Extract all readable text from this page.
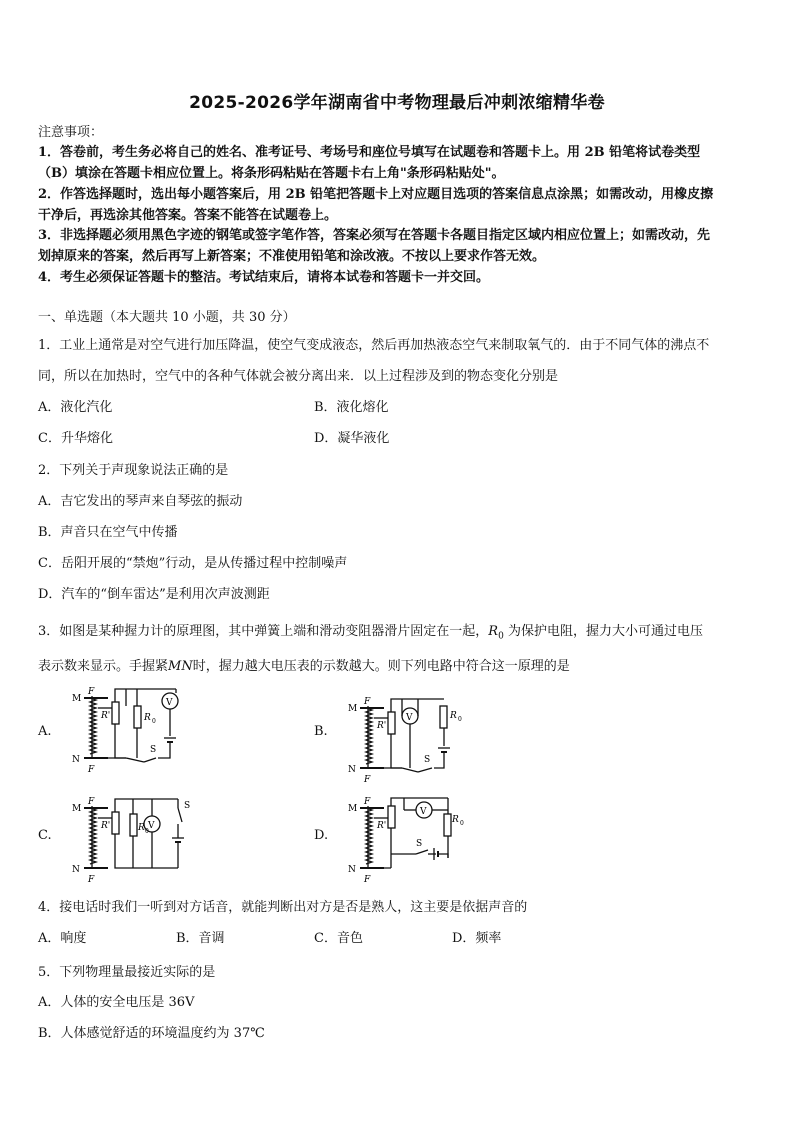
2025-2026学年湖南省中考物理最后冲刺浓缩精华卷
注意事项：
1．答卷前，考生务必将自己的姓名、准考证号、考场号和座位号填写在试题卷和答题卡上。用 2B 铅笔将试卷类型
（B）填涂在答题卡相应位置上。将条形码粘贴在答题卡右上角"条形码粘贴处"。
2．作答选择题时，选出每小题答案后，用 2B 铅笔把答题卡上对应题目选项的答案信息点涂黑；如需改动，用橡皮擦
干净后，再选涂其他答案。答案不能答在试题卷上。
3．非选择题必须用黑色字迹的钢笔或签字笔作答，答案必须写在答题卡各题目指定区域内相应位置上；如需改动，先
划掉原来的答案，然后再写上新答案；不准使用铅笔和涂改液。不按以上要求作答无效。
4．考生必须保证答题卡的整洁。考试结束后，请将本试卷和答题卡一并交回。
一、单选题（本大题共 10 小题，共 30 分）
1．工业上通常是对空气进行加压降温，使空气变成液态，然后再加热液态空气来制取氧气的．由于不同气体的沸点不
同，所以在加热时，空气中的各种气体就会被分离出来．以上过程涉及到的物态变化分别是
A．液化汽化	B．液化熔化
C．升华熔化	D．凝华液化
2．下列关于声现象说法正确的是
A．吉它发出的琴声来自琴弦的振动
B．声音只在空气中传播
C．岳阳开展的“禁炮”行动，是从传播过程中控制噪声
D．汽车的“倒车雷达”是利用次声波测距
3．如图是某种握力计的原理图，其中弹簧上端和滑动变阻器滑片固定在一起，$R_0$ 为保护电阻，握力大小可通过电压
表示数来显示。手握紧MN时，握力越大电压表的示数越大。则下列电路中符合这一原理的是
A.	B.
C.	D.
F
M
N
F
R'	R 0
V
S
F
M
N
F
R'
R 0
V
S
F
M
N
F
R'	R 0
V
S	F
M
N
F
R'
R 0
V
S
4．接电话时我们一听到对方话音，就能判断出对方是否是熟人，这主要是依据声音的
A．响度	B．音调	C．音色	D．频率
5．下列物理量最接近实际的是
A．人体的安全电压是 36V
B．人体感觉舒适的环境温度约为 37℃
